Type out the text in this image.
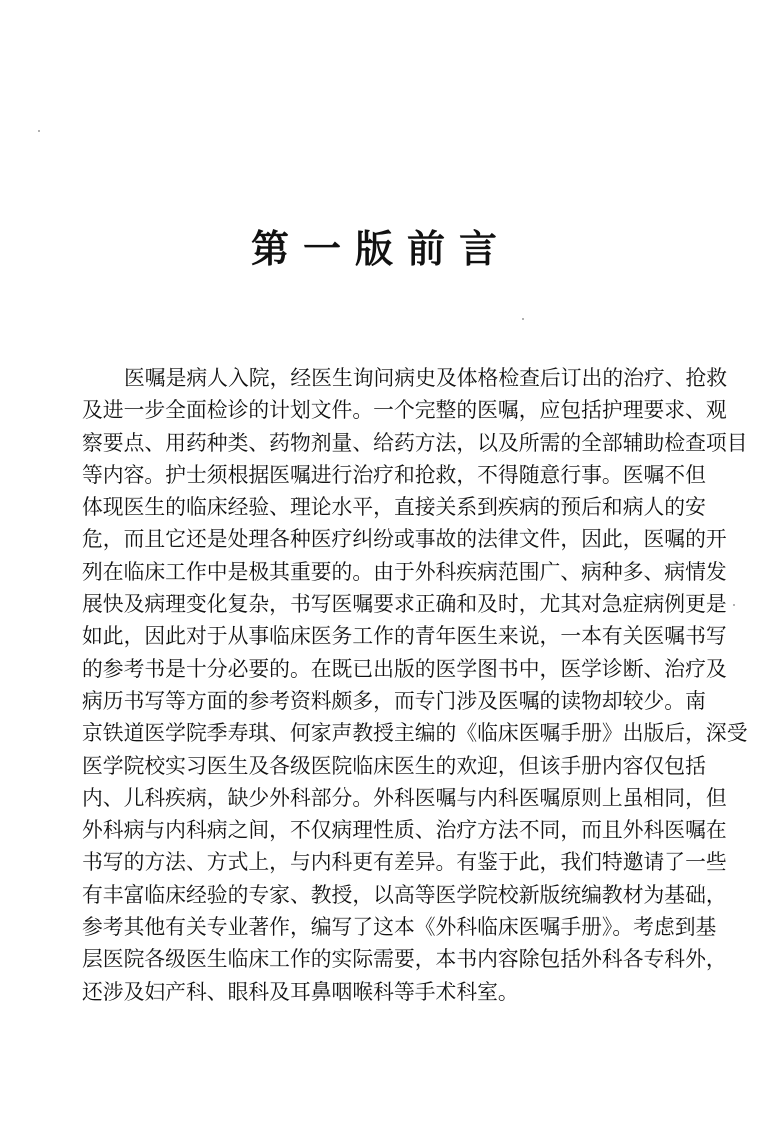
第一版前言
医嘱是病人入院，经医生询问病史及体格检查后订出的治疗、抢救
及进一步全面检诊的计划文件。一个完整的医嘱，应包括护理要求、观
察要点、用药种类、药物剂量、给药方法，以及所需的全部辅助检查项目
等内容。护士须根据医嘱进行治疗和抢救，不得随意行事。医嘱不但
体现医生的临床经验、理论水平，直接关系到疾病的预后和病人的安
危，而且它还是处理各种医疗纠纷或事故的法律文件，因此，医嘱的开
列在临床工作中是极其重要的。由于外科疾病范围广、病种多、病情发
展快及病理变化复杂，书写医嘱要求正确和及时，尤其对急症病例更是
如此，因此对于从事临床医务工作的青年医生来说，一本有关医嘱书写
的参考书是十分必要的。在既已出版的医学图书中，医学诊断、治疗及
病历书写等方面的参考资料颇多，而专门涉及医嘱的读物却较少。南
京铁道医学院季寿琪、何家声教授主编的《临床医嘱手册》出版后，深受
医学院校实习医生及各级医院临床医生的欢迎，但该手册内容仅包括
内、儿科疾病，缺少外科部分。外科医嘱与内科医嘱原则上虽相同，但
外科病与内科病之间，不仅病理性质、治疗方法不同，而且外科医嘱在
书写的方法、方式上，与内科更有差异。有鉴于此，我们特邀请了一些
有丰富临床经验的专家、教授，以高等医学院校新版统编教材为基础，
参考其他有关专业著作，编写了这本《外科临床医嘱手册》。考虑到基
层医院各级医生临床工作的实际需要，本书内容除包括外科各专科外，
还涉及妇产科、眼科及耳鼻咽喉科等手术科室。
